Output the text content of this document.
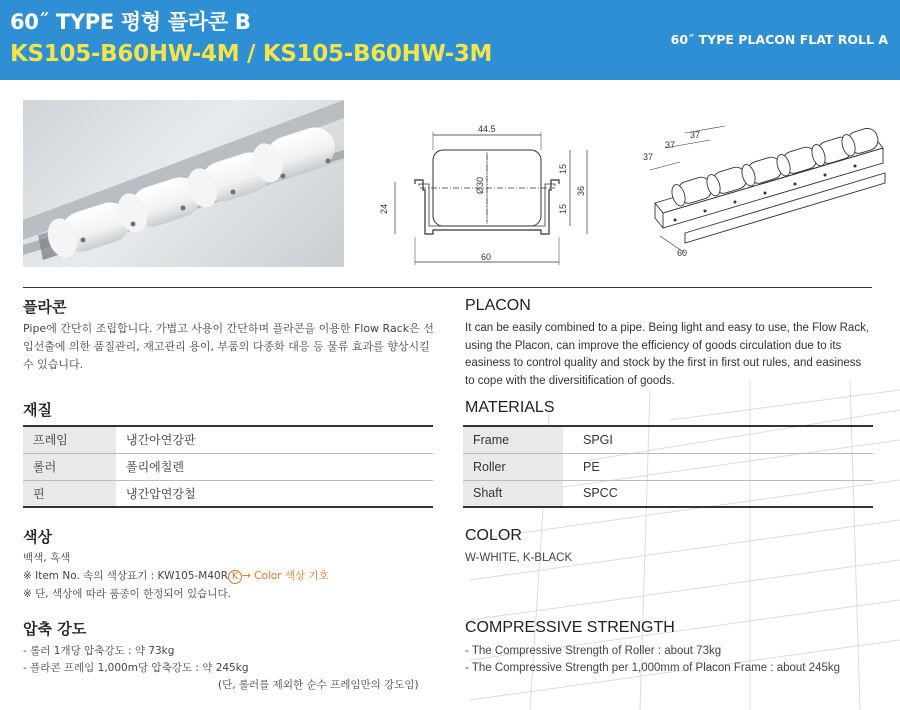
60˝ TYPE 평형 플라콘 B
KS105-B60HW-4M / KS105-B60HW-3M
60˝ TYPE PLACON FLAT ROLL A
44.5
60
24
Ø30
15
15
36
37
37
37
60
플라콘
Pipe에 간단히 조립합니다. 가볍고 사용이 간단하며 플라콘을 이용한 Flow Rack은 선입선출에 의한 품질관리, 재고관리 용이, 부품의 다종화 대응 등 물류 효과를 향상시킬 수 있습니다.
PLACON
It can be easily combined to a pipe. Being light and easy to use, the Flow Rack, using the Placon, can improve the efficiency of goods circulation due to its easiness to control quality and stock by the first in first out rules, and easiness to cope with the diversitification of goods.
재질
프레임	냉간아연강판
롤러	폴리에칠렌
핀	냉간압연강철
MATERIALS
Frame	SPGI
Roller	PE
Shaft	SPCC
색상
백색, 흑색
※ Item No. 속의 색상표기 : KW105-M40R K → Color 색상 기호
※ 단, 색상에 따라 품종이 한정되어 있습니다.
COLOR
W-WHITE, K-BLACK
압축 강도
- 롤러 1개당 압축강도 : 약 73kg
- 플라콘 프레임 1,000m당 압축강도 : 약 245kg
(단, 롤러를 제외한 순수 프레임만의 강도임)
COMPRESSIVE STRENGTH
- The Compressive Strength of Roller : about 73kg
- The Compressive Strength per 1,000mm of Placon Frame : about 245kg
